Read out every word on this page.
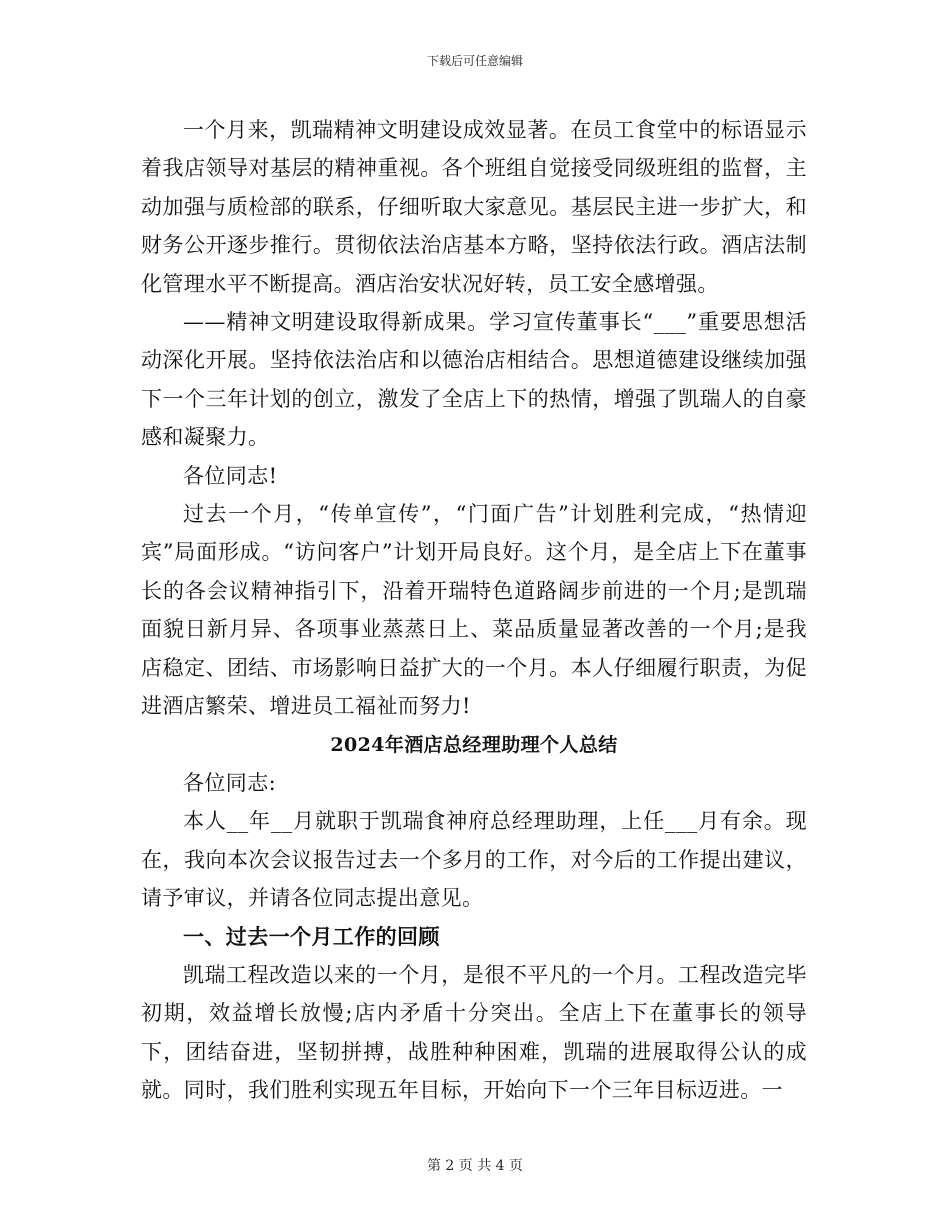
下载后可任意编辑

一个月来，凯瑞精神文明建设成效显著。在员工食堂中的标语显示着我店领导对基层的精神重视。各个班组自觉接受同级班组的监督，主动加强与质检部的联系，仔细听取大家意见。基层民主进一步扩大，和财务公开逐步推行。贯彻依法治店基本方略，坚持依法行政。酒店法制化管理水平不断提高。酒店治安状况好转，员工安全感增强。

——精神文明建设取得新成果。学习宣传董事长“___”重要思想活动深化开展。坚持依法治店和以德治店相结合。思想道德建设继续加强下一个三年计划的创立，激发了全店上下的热情，增强了凯瑞人的自豪感和凝聚力。

各位同志!

过去一个月，“传单宣传”，“门面广告”计划胜利完成，“热情迎宾”局面形成。“访问客户”计划开局良好。这个月，是全店上下在董事长的各会议精神指引下，沿着开瑞特色道路阔步前进的一个月;是凯瑞面貌日新月异、各项事业蒸蒸日上、菜品质量显著改善的一个月;是我店稳定、团结、市场影响日益扩大的一个月。本人仔细履行职责，为促进酒店繁荣、增进员工福祉而努力!

2024年酒店总经理助理个人总结

各位同志:

本人__年__月就职于凯瑞食神府总经理助理，上任___月有余。现在，我向本次会议报告过去一个多月的工作，对今后的工作提出建议，请予审议，并请各位同志提出意见。

一、过去一个月工作的回顾

凯瑞工程改造以来的一个月，是很不平凡的一个月。工程改造完毕初期，效益增长放慢;店内矛盾十分突出。全店上下在董事长的领导下，团结奋进，坚韧拼搏，战胜种种困难，凯瑞的进展取得公认的成就。同时，我们胜利实现五年目标，开始向下一个三年目标迈进。一

第 2 页 共 4 页
